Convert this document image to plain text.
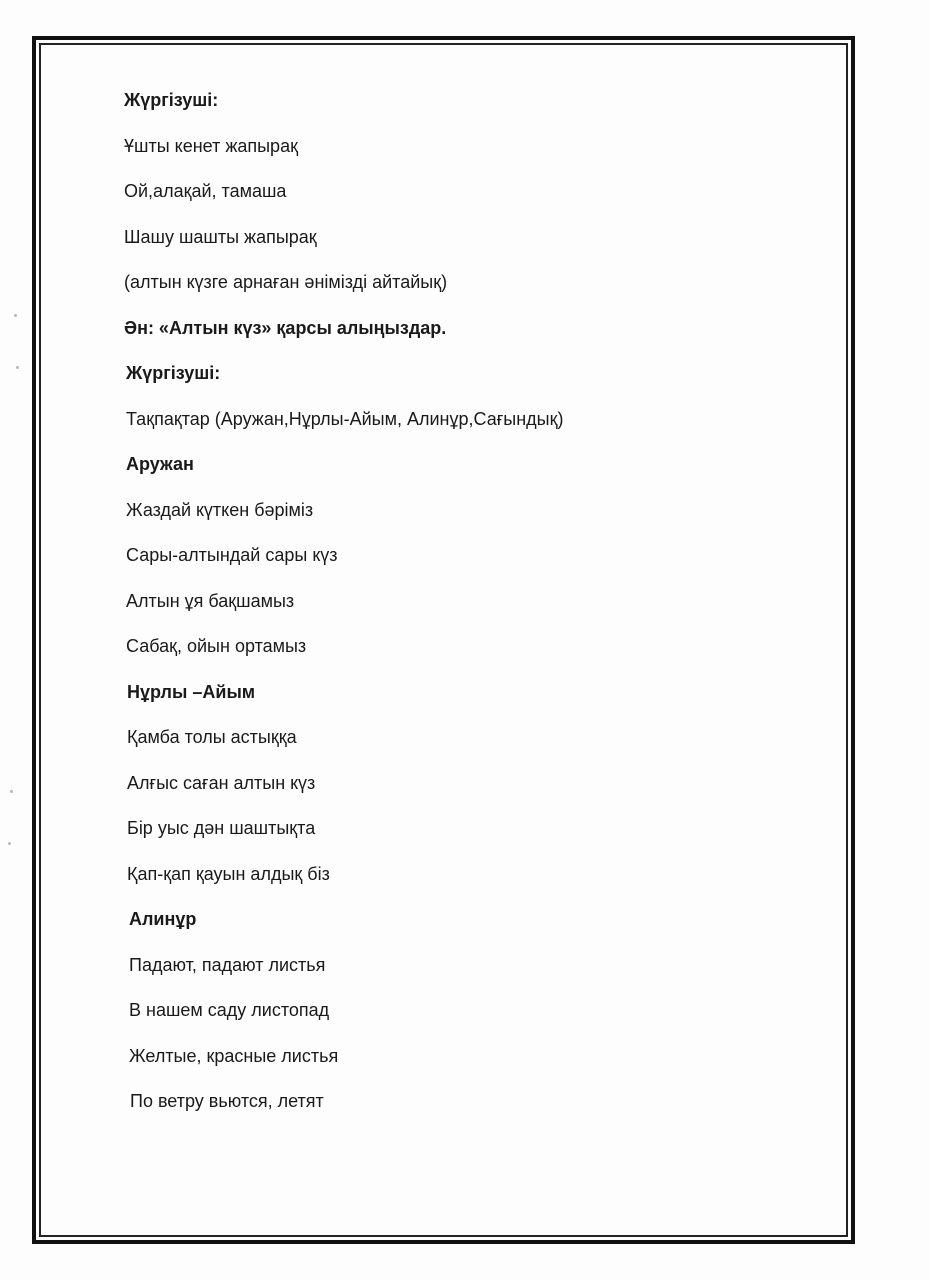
Жүргізуші:
Ұшты кенет жапырақ
Ой,алақай, тамаша
Шашу шашты жапырақ
(алтын күзге арнаған әнімізді айтайық)
Ән: «Алтын күз» қарсы алыңыздар.
Жүргізуші:
Тақпақтар (Аружан,Нұрлы-Айым, Алинұр,Сағындық)
Аружан
Жаздай күткен бәріміз
Сары-алтындай сары күз
Алтын ұя бақшамыз
Сабақ, ойын ортамыз
Нұрлы –Айым
Қамба толы астыққа
Алғыс саған алтын күз
Бір уыс дән шаштықта
Қап-қап қауын алдық біз
Алинұр
Падают, падают листья
В нашем саду листопад
Желтые, красные листья
По ветру вьются, летят
